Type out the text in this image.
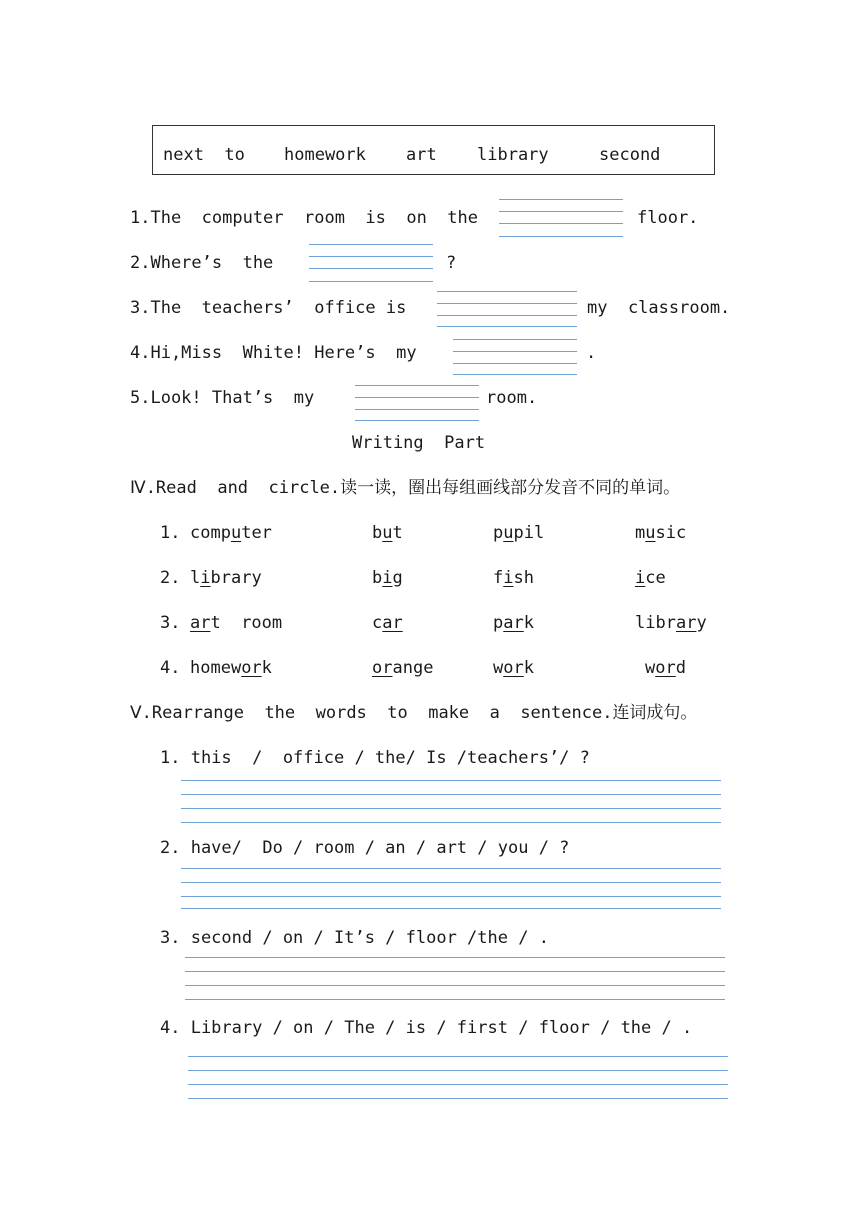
next  to homework art library	second
1.The  computer  room  is  on  the	floor.
2.Where’s  the	?
3.The  teachers’  office is	my  classroom.
4.Hi,Miss  White! Here’s  my	.
5.Look! That’s  my	room.
Writing  Part
Ⅳ.Read  and  circle.读一读，圈出每组画线部分发音不同的单词。
1. computer	but	pupil	music
2. library	big	fish	ice
3. art  room	car	park	library
4. homework	orange	work	word
Ⅴ.Rearrange  the  words  to  make  a  sentence.连词成句。
1. this  /  office / the/ Is /teachers’/ ?
2. have/  Do / room / an / art / you / ?
3. second / on / It’s / floor /the / .
4. Library / on / The / is / first / floor / the / .
